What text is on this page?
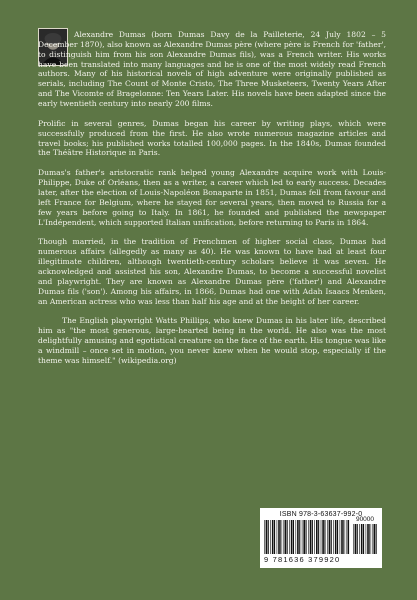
Alexandre Dumas (born Dumas Davy de la Pailleterie, 24 July 1802 – 5 December 1870), also known as Alexandre Dumas père (where père is French for 'father', to distinguish him from his son Alexandre Dumas fils), was a French writer. His works have been translated into many languages and he is one of the most widely read French authors. Many of his historical novels of high adventure were originally published as serials, including The Count of Monte Cristo, The Three Musketeers, Twenty Years After and The Vicomte of Bragelonne: Ten Years Later. His novels have been adapted since the early twentieth century into nearly 200 films.

Prolific in several genres, Dumas began his career by writing plays, which were successfully produced from the first. He also wrote numerous magazine articles and travel books; his published works totalled 100,000 pages. In the 1840s, Dumas founded the Théâtre Historique in Paris.

Dumas's father's aristocratic rank helped young Alexandre acquire work with Louis-Philippe, Duke of Orléans, then as a writer, a career which led to early success. Decades later, after the election of Louis-Napoléon Bonaparte in 1851, Dumas fell from favour and left France for Belgium, where he stayed for several years, then moved to Russia for a few years before going to Italy. In 1861, he founded and published the newspaper L'Indépendent, which supported Italian unification, before returning to Paris in 1864.

Though married, in the tradition of Frenchmen of higher social class, Dumas had numerous affairs (allegedly as many as 40). He was known to have had at least four illegitimate children, although twentieth-century scholars believe it was seven. He acknowledged and assisted his son, Alexandre Dumas, to become a successful novelist and playwright. They are known as Alexandre Dumas père ('father') and Alexandre Dumas fils ('son'). Among his affairs, in 1866, Dumas had one with Adah Isaacs Menken, an American actress who was less than half his age and at the height of her career.

The English playwright Watts Phillips, who knew Dumas in his later life, described him as "the most generous, large-hearted being in the world. He also was the most delightfully amusing and egotistical creature on the face of the earth. His tongue was like a windmill – once set in motion, you never knew when he would stop, especially if the theme was himself." (wikipedia.org)

ISBN 978-3-63637-992-0
90000
9 781636 379920
